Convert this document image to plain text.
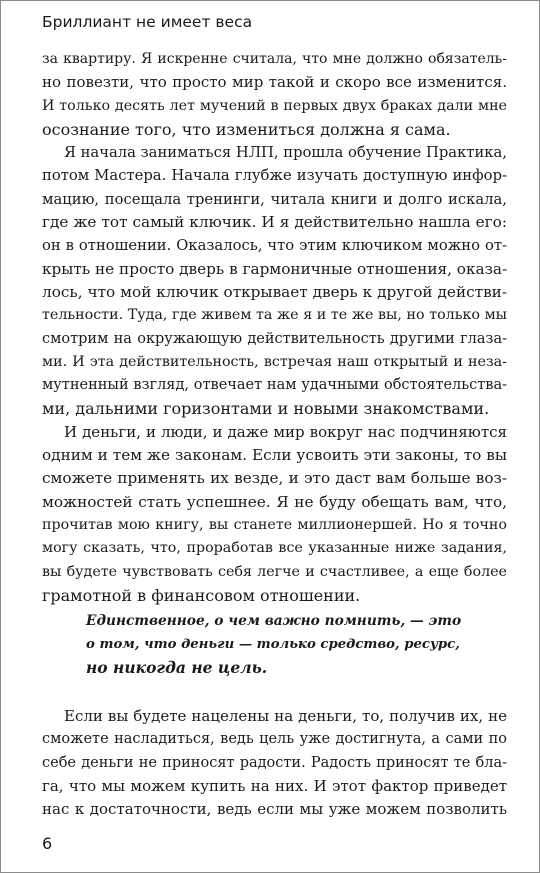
Бриллиант не имеет веса
за квартиру. Я искренне считала, что мне должно обязатель-
но повезти, что просто мир такой и скоро все изменится.
И только десять лет мучений в первых двух браках дали мне
осознание того, что измениться должна я сама.
Я начала заниматься НЛП, прошла обучение Практика,
потом Мастера. Начала глубже изучать доступную инфор-
мацию, посещала тренинги, читала книги и долго искала,
где же тот самый ключик. И я действительно нашла его:
он в отношении. Оказалось, что этим ключиком можно от-
крыть не просто дверь в гармоничные отношения, оказа-
лось, что мой ключик открывает дверь к другой действи-
тельности. Туда, где живем та же я и те же вы, но только мы
смотрим на окружающую действительность другими глаза-
ми. И эта действительность, встречая наш открытый и неза-
мутненный взгляд, отвечает нам удачными обстоятельства-
ми, дальними горизонтами и новыми знакомствами.
И деньги, и люди, и даже мир вокруг нас подчиняются
одним и тем же законам. Если усвоить эти законы, то вы
сможете применять их везде, и это даст вам больше воз-
можностей стать успешнее. Я не буду обещать вам, что,
прочитав мою книгу, вы станете миллионершей. Но я точно
могу сказать, что, проработав все указанные ниже задания,
вы будете чувствовать себя легче и счастливее, а еще более
грамотной в финансовом отношении.
Единственное, о чем важно помнить, — это
о том, что деньги — только средство, ресурс,
но никогда не цель.
Если вы будете нацелены на деньги, то, получив их, не
сможете насладиться, ведь цель уже достигнута, а сами по
себе деньги не приносят радости. Радость приносят те бла-
га, что мы можем купить на них. И этот фактор приведет
нас к достаточности, ведь если мы уже можем позволить
6
